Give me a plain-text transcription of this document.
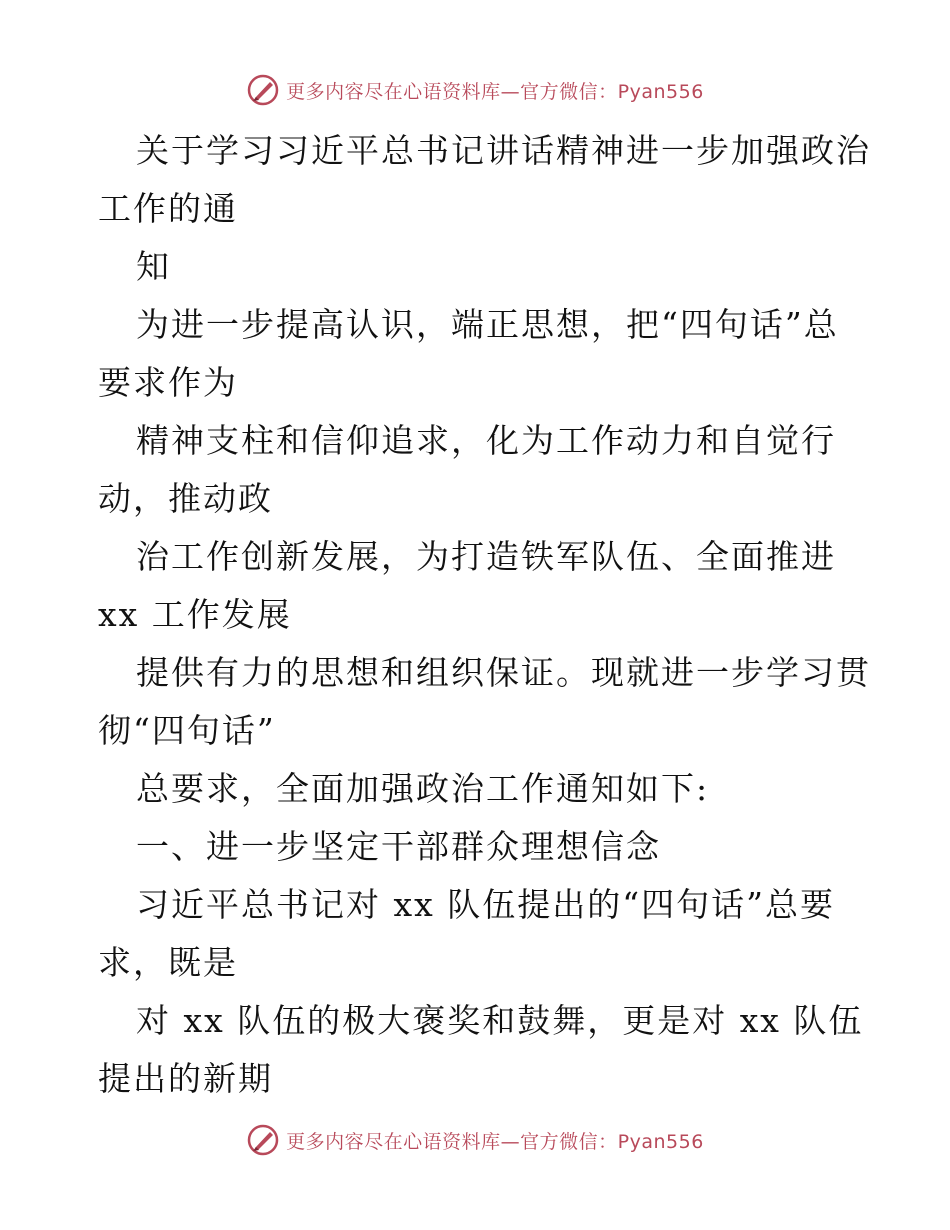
更多内容尽在心语资料库—官方微信：Pyan556
关于学习习近平总书记讲话精神进一步加强政治
工作的通
知
为进一步提高认识，端正思想，把“四句话”总
要求作为
精神支柱和信仰追求，化为工作动力和自觉行
动，推动政
治工作创新发展，为打造铁军队伍、全面推进
xx 工作发展
提供有力的思想和组织保证。现就进一步学习贯
彻“四句话”
总要求，全面加强政治工作通知如下:
一、进一步坚定干部群众理想信念
习近平总书记对 xx 队伍提出的“四句话”总要
求，既是
对 xx 队伍的极大褒奖和鼓舞，更是对 xx 队伍
提出的新期
更多内容尽在心语资料库—官方微信：Pyan556
